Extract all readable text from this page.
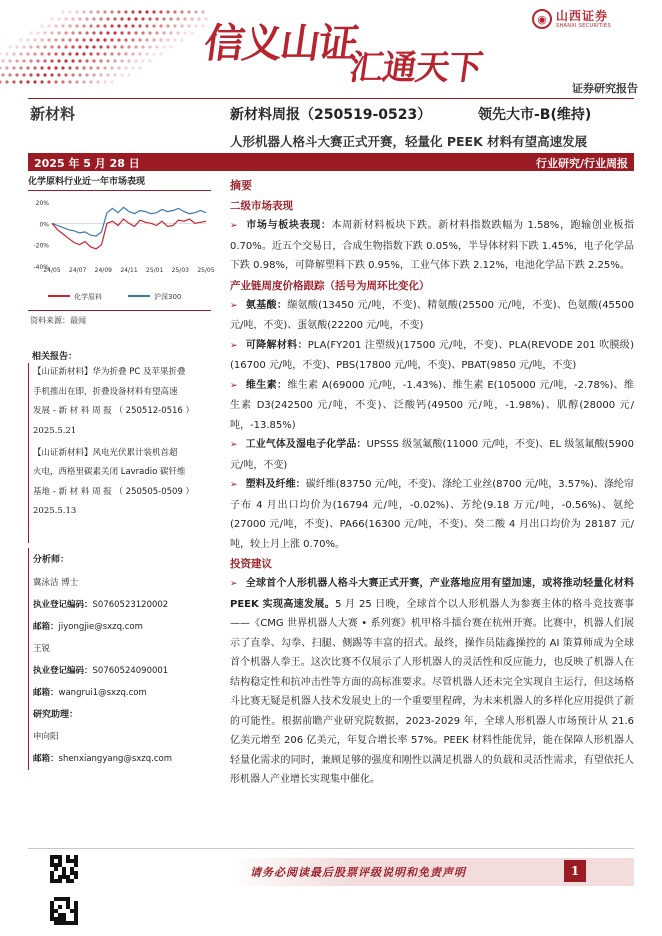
信义山证
汇通天下
◉ 山西证券
SHANXI SECURITIES
证券研究报告
新材料	新材料周报（250519-0523）	领先大市-B(维持)
人形机器人格斗大赛正式开赛，轻量化 PEEK 材料有望高速发展
2025 年 5 月 28 日	行业研究/行业周报
化学原料行业近一年市场表现
20%
0%
-20%
-40%
24/05 24/07 24/09 24/11 25/01 25/03 25/05
化学原料	沪深300
资料来源：最闻
相关报告：
【山证新材料】华为折叠 PC 及苹果折叠
手机推出在即，折叠设备材料有望高速
发展 - 新 材 料 周 报 （ 250512-0516 ）
2025.5.21
【山证新材料】风电光伏累计装机首超
火电，西格里碳素关闭 Lavradio 碳钎维
基地 - 新 材 料 周 报 （ 250505-0509 ）
2025.5.13
分析师：
冀泳洁 博士
执业登记编码：S0760523120002
邮箱：jiyongjie@sxzq.com
王锐
执业登记编码：S0760524090001
邮箱：wangrui1@sxzq.com
研究助理：
申向阳
邮箱：shenxiangyang@sxzq.com
摘要
二级市场表现
➢ 市场与板块表现：本周新材料板块下跌。新材料指数跌幅为 1.58%，跑输创业板指 0.70%。近五个交易日，合成生物指数下跌 0.05%，半导体材料下跌 1.45%，电子化学品下跌 0.98%，可降解塑料下跌 0.95%，工业气体下跌 2.12%，电池化学品下跌 2.25%。
产业链周度价格跟踪（括号为周环比变化）
➢ 氨基酸：缬氨酸(13450 元/吨，不变)、精氨酸(25500 元/吨，不变)、色氨酸(45500 元/吨，不变)、蛋氨酸(22200 元/吨，不变)
➢ 可降解材料：PLA(FY201 注塑级)(17500 元/吨，不变)、PLA(REVODE 201 吹膜级)(16700 元/吨，不变)、PBS(17800 元/吨，不变)、PBAT(9850 元/吨，不变)
➢ 维生素：维生素 A(69000 元/吨，-1.43%)、维生素 E(105000 元/吨，-2.78%)、维生素 D3(242500 元/吨，不变)、泛酸钙(49500 元/吨，-1.98%)、肌醇(28000 元/吨，-13.85%)
➢ 工业气体及湿电子化学品：UPSSS 级氢氟酸(11000 元/吨，不变)、EL 级氢氟酸(5900 元/吨，不变)
➢ 塑料及纤维：碳纤维(83750 元/吨，不变)、涤纶工业丝(8700 元/吨，3.57%)、涤纶帘子布 4 月出口均价为(16794 元/吨，-0.02%)、芳纶(9.18 万元/吨，-0.56%)、氨纶(27000 元/吨，不变)、PA66(16300 元/吨，不变)、癸二酸 4 月出口均价为 28187 元/吨，较上月上涨 0.70%。
投资建议
➢ 全球首个人形机器人格斗大赛正式开赛，产业落地应用有望加速，或将推动轻量化材料 PEEK 实现高速发展。5 月 25 日晚，全球首个以人形机器人为参赛主体的格斗竞技赛事——《CMG 世界机器人大赛 • 系列赛》机甲格斗擂台赛在杭州开赛。比赛中，机器人们展示了直拳、勾拳、扫腿、侧踢等丰富的招式。最终，操作员陆鑫操控的 AI 策算师成为全球首个机器人拳王。这次比赛不仅展示了人形机器人的灵活性和反应能力，也反映了机器人在结构稳定性和抗冲击性等方面的高标准要求。尽管机器人还未完全实现自主运行，但这场格斗比赛无疑是机器人技术发展史上的一个重要里程碑，为未来机器人的多样化应用提供了新的可能性。根据前瞻产业研究院数据，2023-2029 年，全球人形机器人市场预计从 21.6 亿美元增至 206 亿美元，年复合增长率 57%。PEEK 材料性能优异，能在保障人形机器人轻量化需求的同时，兼顾足够的强度和刚性以满足机器人的负载和灵活性需求，有望依托人形机器人产业增长实现集中催化。
请务必阅读最后股票评级说明和免责声明	1
